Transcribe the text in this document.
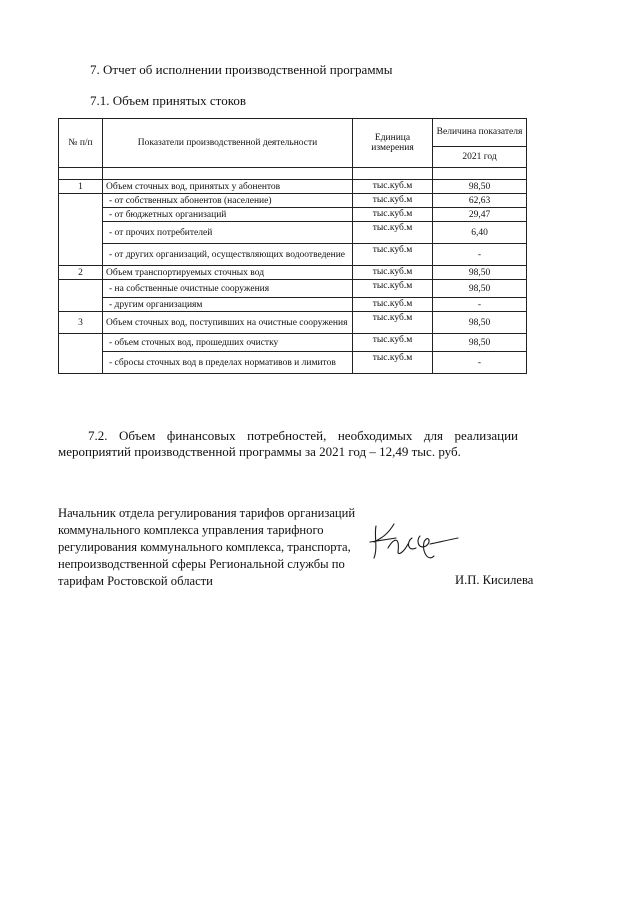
7. Отчет об исполнении производственной программы
7.1. Объем принятых стоков
№ п/п	Показатели производственной деятельности	Единица измерения	Величина показателя
			2021 год

1	Объем сточных вод, принятых у абонентов	тыс.куб.м	98,50
	- от собственных абонентов (население)	тыс.куб.м	62,63
	- от бюджетных организаций	тыс.куб.м	29,47
	- от прочих потребителей	тыс.куб.м	6,40
	- от других организаций, осуществляющих водоотведение	тыс.куб.м	-
2	Объем транспортируемых сточных вод	тыс.куб.м	98,50
	- на собственные очистные сооружения	тыс.куб.м	98,50
	- другим организациям	тыс.куб.м	-
3	Объем сточных вод, поступивших на очистные сооружения	тыс.куб.м	98,50
	- объем сточных вод, прошедших очистку	тыс.куб.м	98,50
	- сбросы сточных вод в пределах нормативов и лимитов	тыс.куб.м	-
7.2. Объем финансовых потребностей, необходимых для реализации мероприятий производственной программы за 2021 год – 12,49 тыс. руб.
Начальник отдела регулирования тарифов организаций коммунального комплекса управления тарифного регулирования коммунального комплекса, транспорта, непроизводственной сферы Региональной службы по тарифам Ростовской области	И.П. Кисилева
